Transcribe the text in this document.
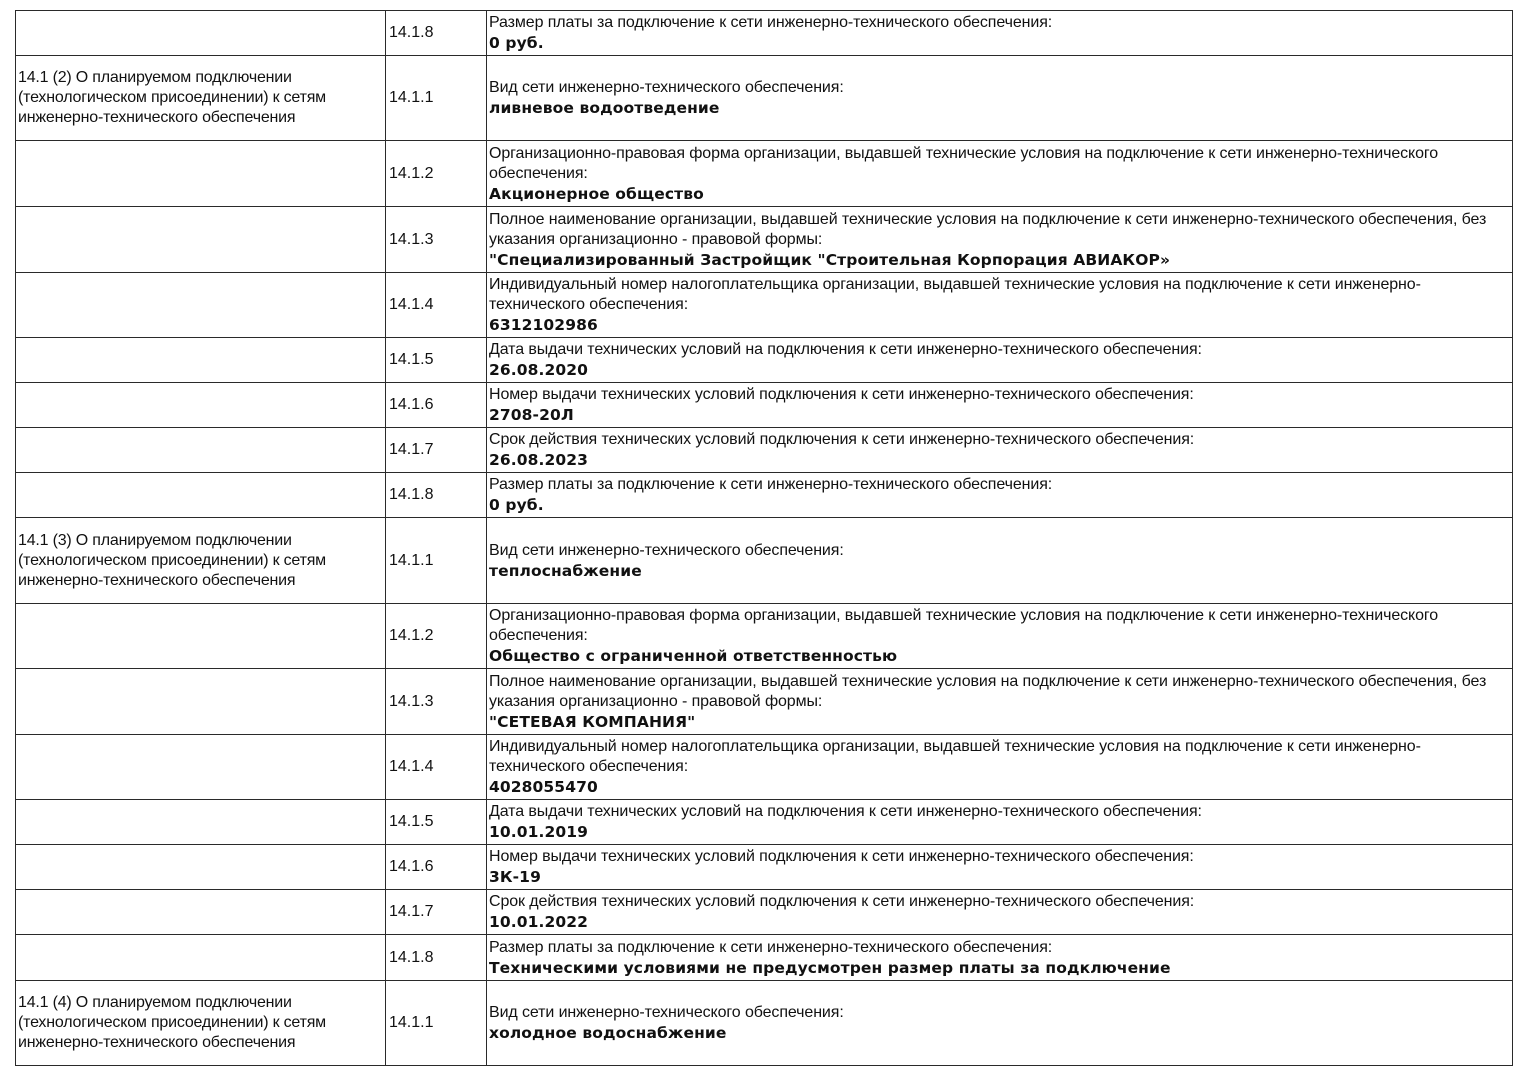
	14.1.8	Размер платы за подключение к сети инженерно-технического обеспечения:
0 руб.

14.1 (2) О планируемом подключении (технологическом присоединении) к сетям инженерно-технического обеспечения	14.1.1	Вид сети инженерно-технического обеспечения:
ливневое водоотведение

	14.1.2	Организационно-правовая форма организации, выдавшей технические условия на подключение к сети инженерно-технического обеспечения:
Акционерное общество

	14.1.3	Полное наименование организации, выдавшей технические условия на подключение к сети инженерно-технического обеспечения, без указания организационно - правовой формы:
"Специализированный Застройщик "Строительная Корпорация АВИАКОР»

	14.1.4	Индивидуальный номер налогоплательщика организации, выдавшей технические условия на подключение к сети инженерно-технического обеспечения:
6312102986

	14.1.5	Дата выдачи технических условий на подключения к сети инженерно-технического обеспечения:
26.08.2020

	14.1.6	Номер выдачи технических условий подключения к сети инженерно-технического обеспечения:
2708-20Л

	14.1.7	Срок действия технических условий подключения к сети инженерно-технического обеспечения:
26.08.2023

	14.1.8	Размер платы за подключение к сети инженерно-технического обеспечения:
0 руб.

14.1 (3) О планируемом подключении (технологическом присоединении) к сетям инженерно-технического обеспечения	14.1.1	Вид сети инженерно-технического обеспечения:
теплоснабжение

	14.1.2	Организационно-правовая форма организации, выдавшей технические условия на подключение к сети инженерно-технического обеспечения:
Общество с ограниченной ответственностью

	14.1.3	Полное наименование организации, выдавшей технические условия на подключение к сети инженерно-технического обеспечения, без указания организационно - правовой формы:
"СЕТЕВАЯ КОМПАНИЯ"

	14.1.4	Индивидуальный номер налогоплательщика организации, выдавшей технические условия на подключение к сети инженерно-технического обеспечения:
4028055470

	14.1.5	Дата выдачи технических условий на подключения к сети инженерно-технического обеспечения:
10.01.2019

	14.1.6	Номер выдачи технических условий подключения к сети инженерно-технического обеспечения:
3К-19

	14.1.7	Срок действия технических условий подключения к сети инженерно-технического обеспечения:
10.01.2022

	14.1.8	Размер платы за подключение к сети инженерно-технического обеспечения:
Техническими условиями не предусмотрен размер платы за подключение

14.1 (4) О планируемом подключении (технологическом присоединении) к сетям инженерно-технического обеспечения	14.1.1	Вид сети инженерно-технического обеспечения:
холодное водоснабжение
